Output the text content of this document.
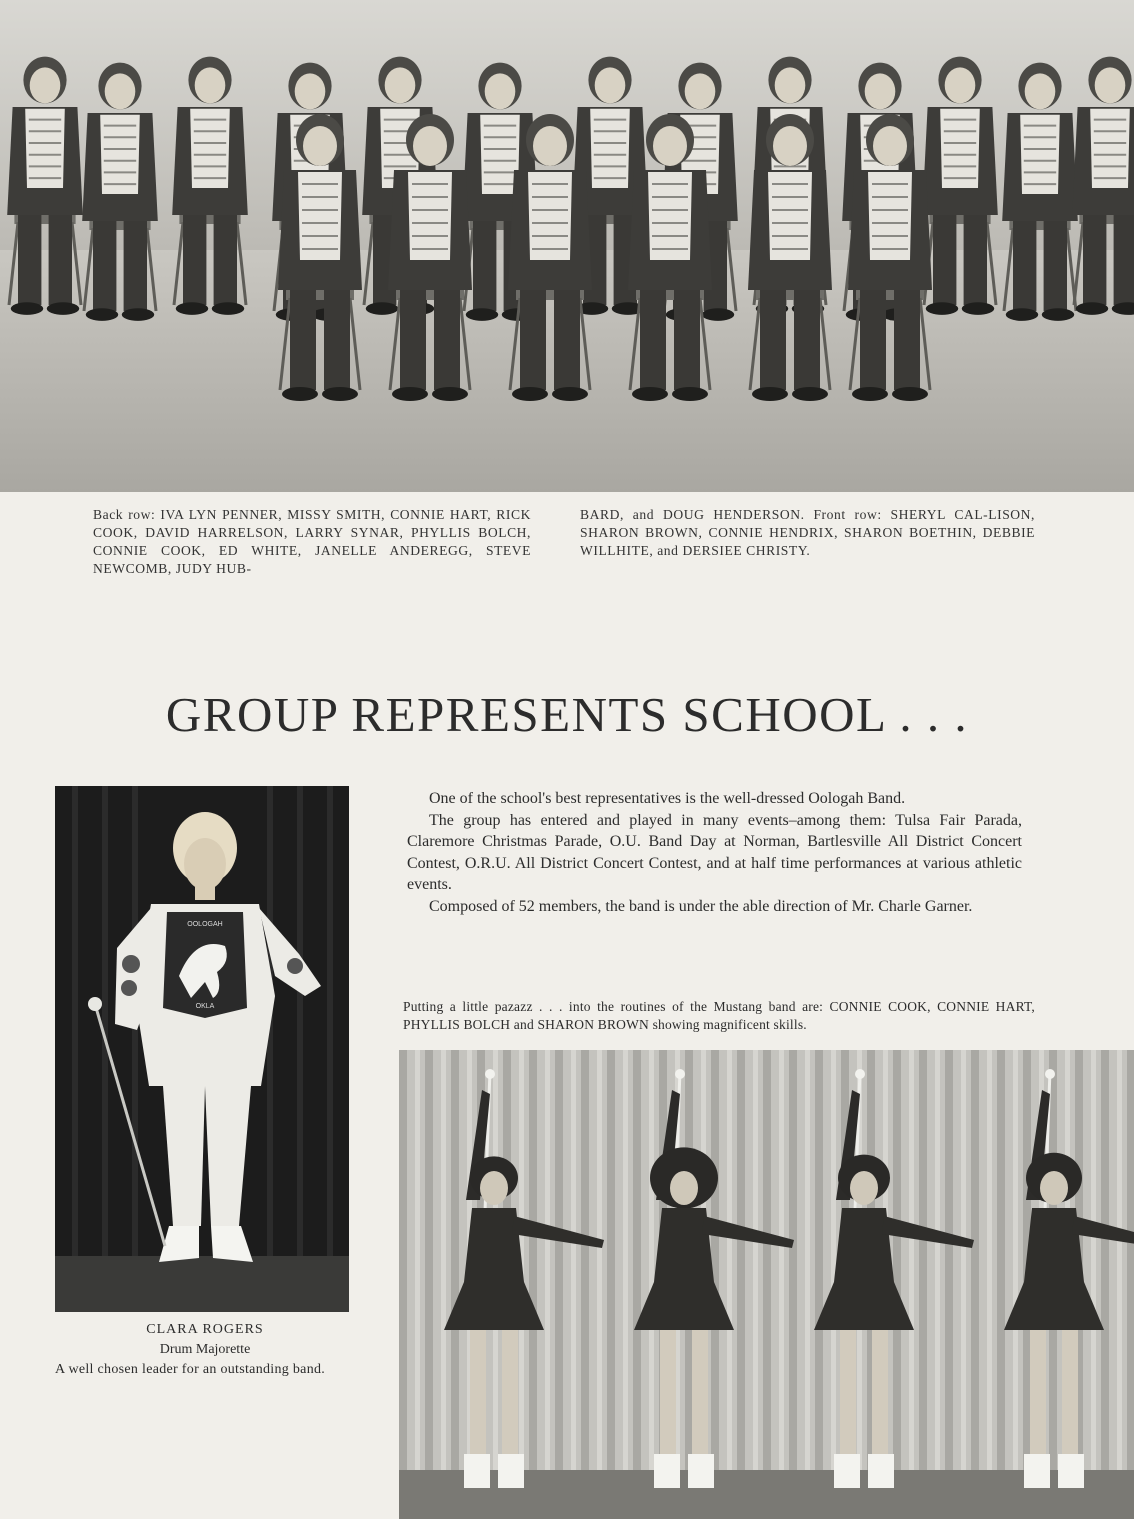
Back row: IVA LYN PENNER, MISSY SMITH, CONNIE HART, RICK COOK, DAVID HARRELSON, LARRY SYNAR, PHYLLIS BOLCH, CONNIE COOK, ED WHITE, JANELLE ANDEREGG, STEVE NEWCOMB, JUDY HUB-
BARD, and DOUG HENDERSON. Front row: SHERYL CAL-LISON, SHARON BROWN, CONNIE HENDRIX, SHARON BOETHIN, DEBBIE WILLHITE, and DERSIEE CHRISTY.
GROUP REPRESENTS SCHOOL . . .
OOLOGAH
OKLA
CLARA ROGERS
Drum Majorette
A well chosen leader for an outstanding band.

One of the school's best representatives is the well-dressed Oologah Band.

The group has entered and played in many events–among them: Tulsa Fair Parada, Claremore Christmas Parade, O.U. Band Day at Norman, Bartlesville All District Concert Contest, O.R.U. All District Concert Contest, and at half time performances at various athletic events.

Composed of 52 members, the band is under the able direction of Mr. Charle Garner.

Putting a little pazazz . . . into the routines of the Mustang band are: CONNIE COOK, CONNIE HART, PHYLLIS BOLCH and SHARON BROWN showing magnificent skills.
